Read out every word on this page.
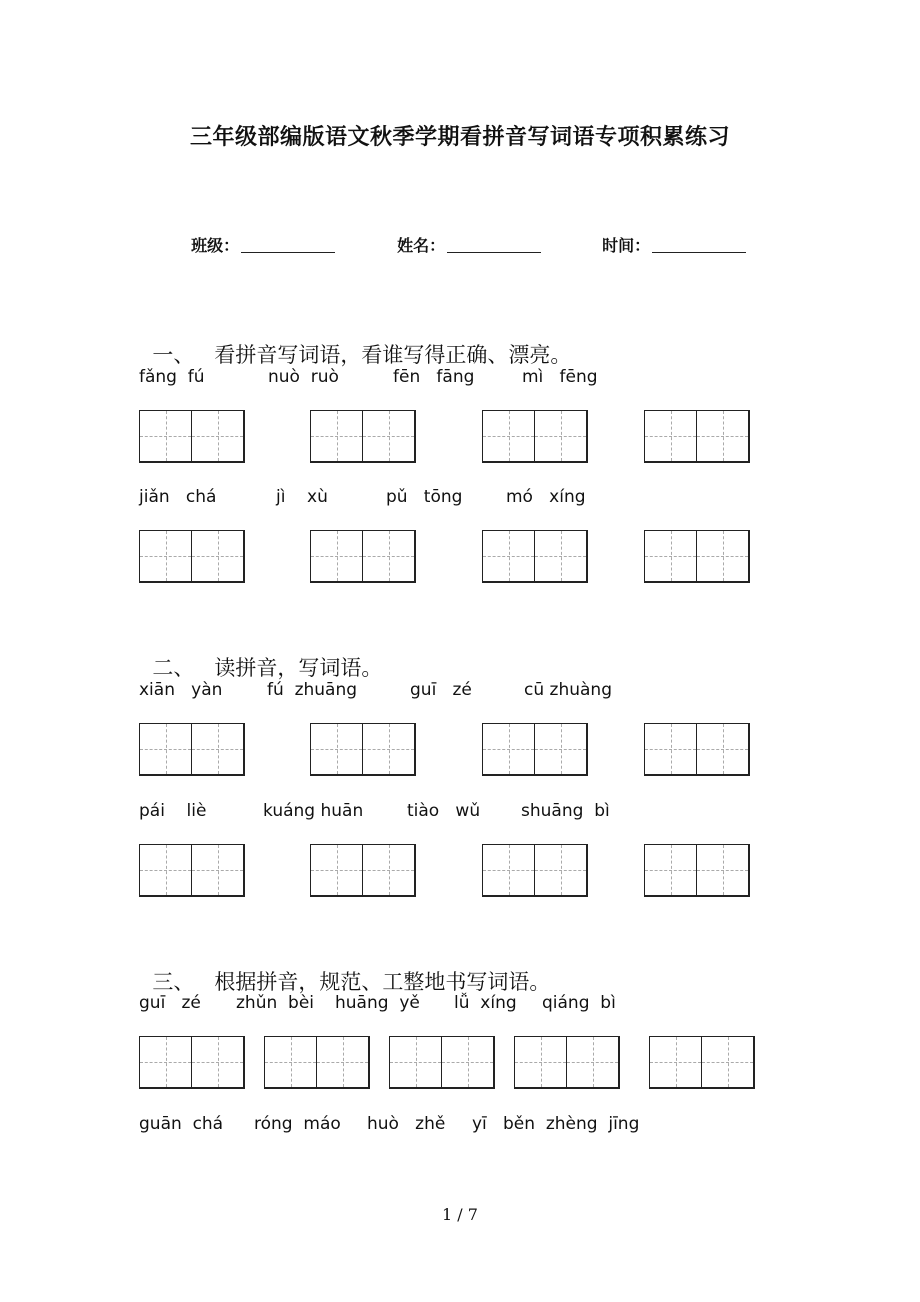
三年级部编版语文秋季学期看拼音写词语专项积累练习

班级：	姓名：	时间：

一、 看拼音写词语，看谁写得正确、漂亮。

fǎng  fú	nuò  ruò	fēn   fāng	mì   fēng
jiǎn   chá	jì    xù	pǔ   tōng	mó   xíng

二、 读拼音，写词语。

xiān   yàn	fú  zhuāng	guī   zé	cū zhuàng
pái    liè	kuáng huān	tiào   wǔ shuāng  bì

三、 根据拼音，规范、工整地书写词语。

guī   zé zhǔn  bèi huāng  yě lǚ  xíng qiáng  bì
guān  chá róng  máo huò   zhě yī   běn  zhèng  jīng
1 / 7
